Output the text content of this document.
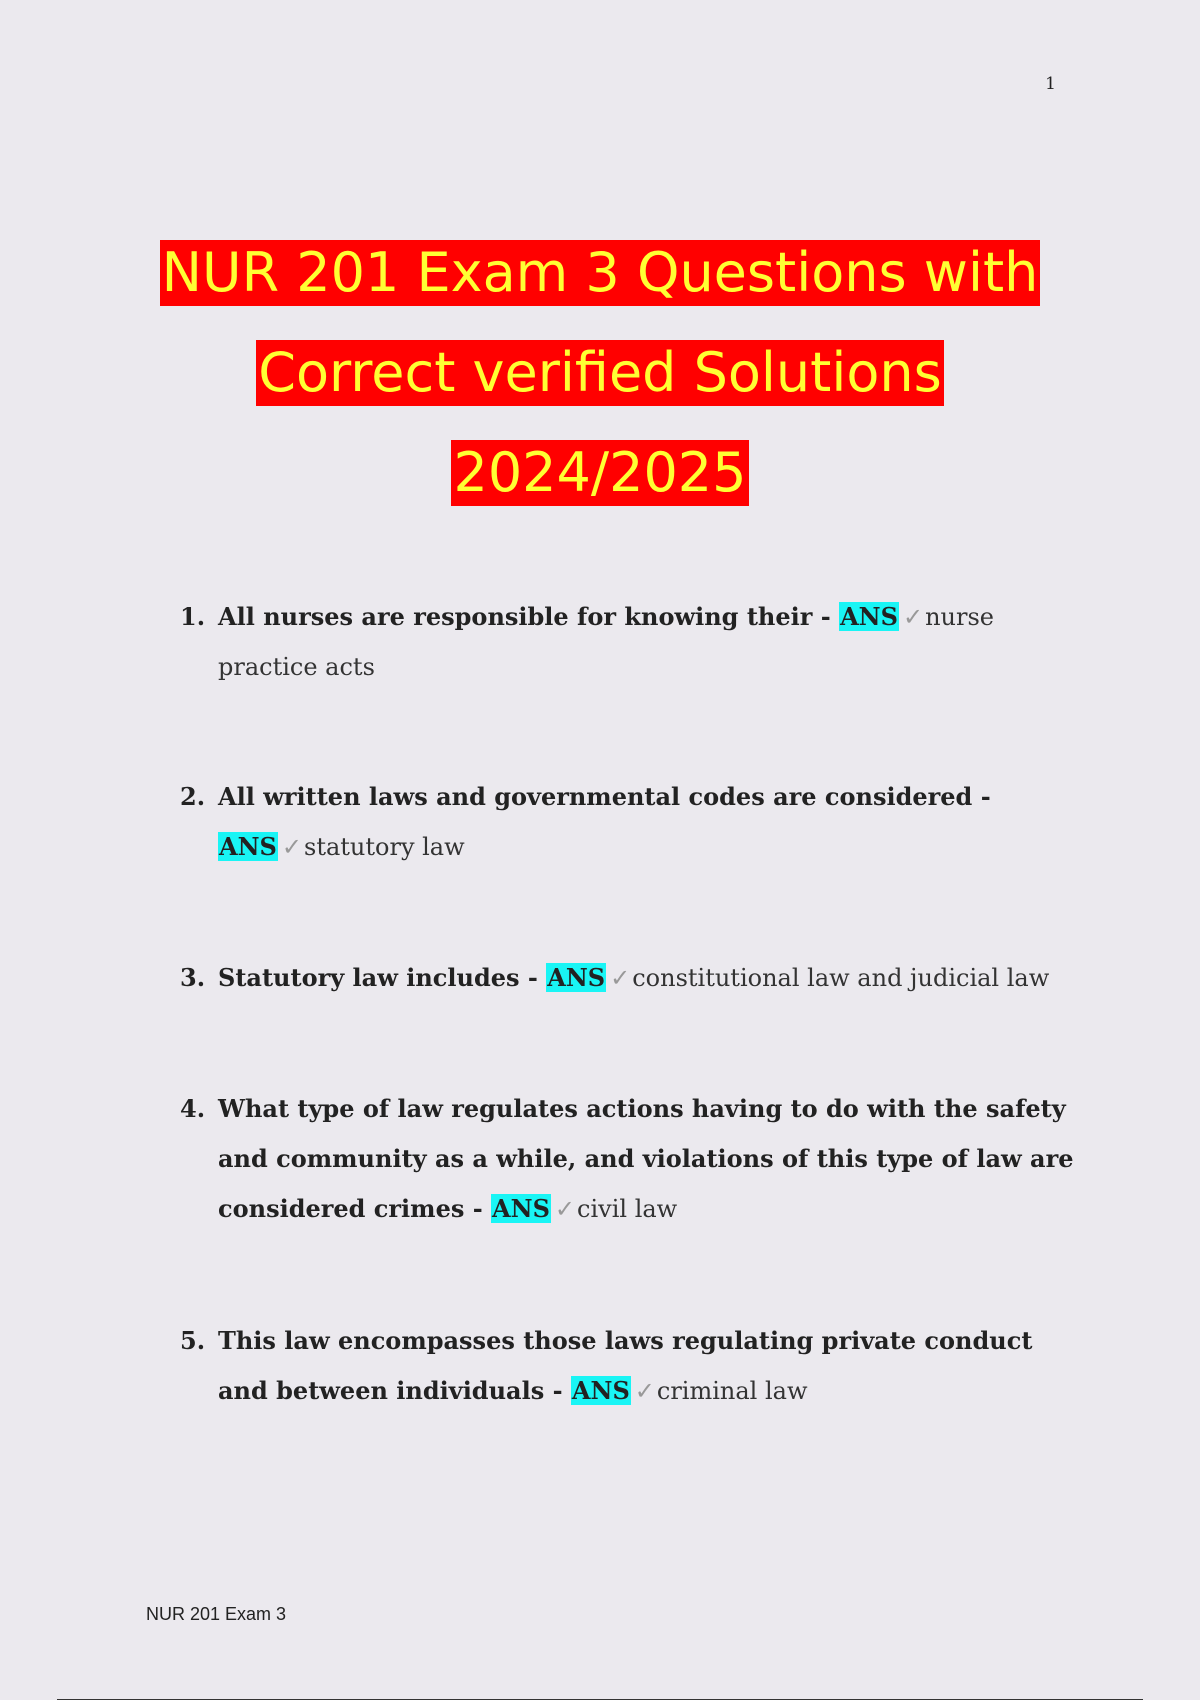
1
NUR 201 Exam 3 Questions with
Correct verified Solutions
2024/2025
1. All nurses are responsible for knowing their - ANS ✓nurse practice acts
2. All written laws and governmental codes are considered - ANS ✓statutory law
3. Statutory law includes - ANS ✓constitutional law and judicial law
4. What type of law regulates actions having to do with the safety and community as a while, and violations of this type of law are considered crimes - ANS ✓civil law
5. This law encompasses those laws regulating private conduct and between individuals - ANS ✓criminal law
NUR 201 Exam 3
